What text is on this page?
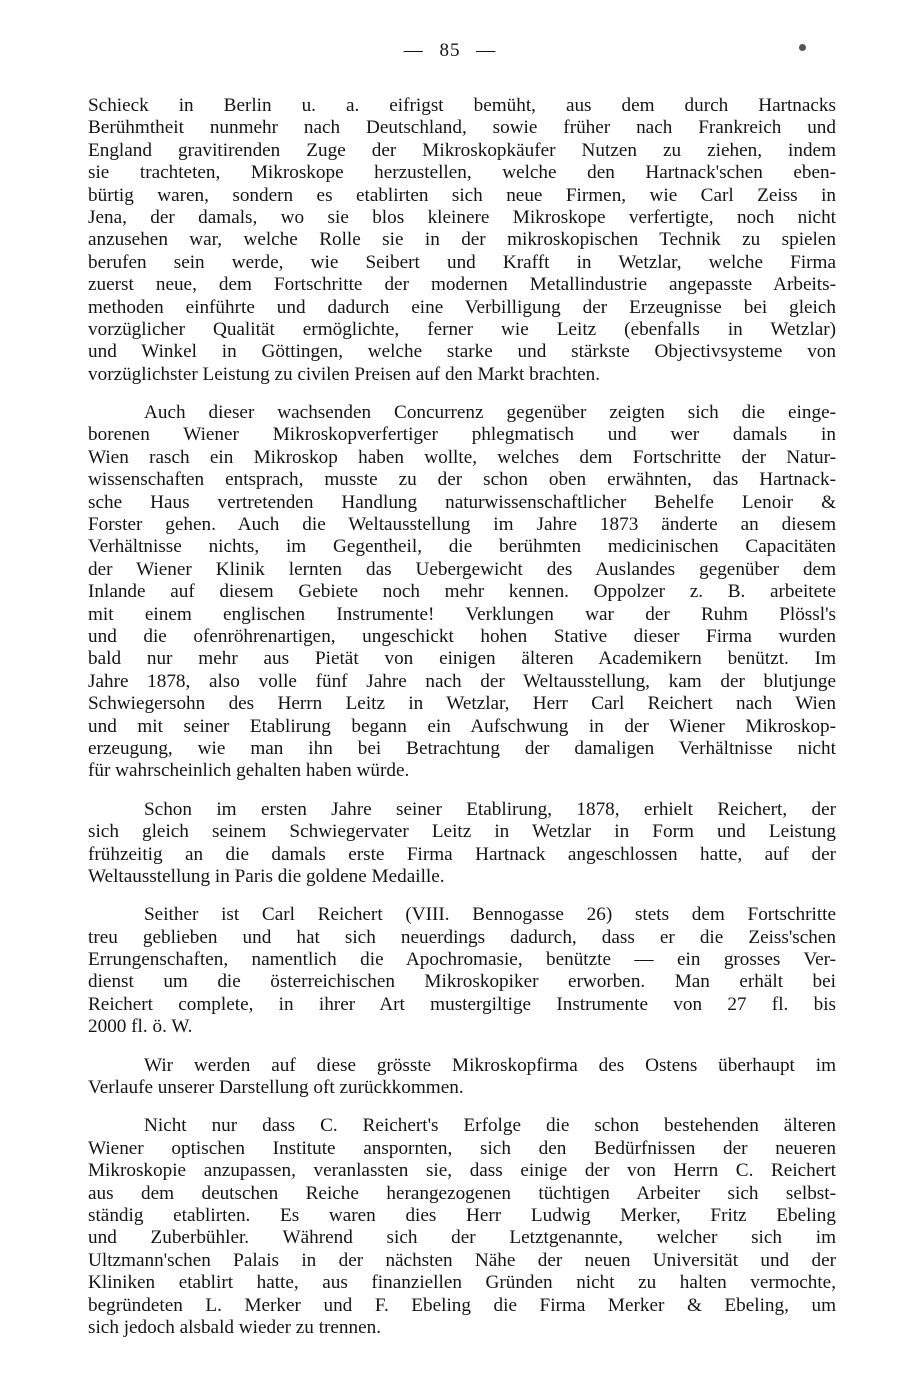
— 85 —
Schieck in Berlin u. a. eifrigst bemüht, aus dem durch Hartnacks
Berühmtheit nunmehr nach Deutschland, sowie früher nach Frankreich und
England gravitirenden Zuge der Mikroskopkäufer Nutzen zu ziehen, indem
sie trachteten, Mikroskope herzustellen, welche den Hartnack'schen eben-
bürtig waren, sondern es etablirten sich neue Firmen, wie Carl Zeiss in
Jena, der damals, wo sie blos kleinere Mikroskope verfertigte, noch nicht
anzusehen war, welche Rolle sie in der mikroskopischen Technik zu spielen
berufen sein werde, wie Seibert und Krafft in Wetzlar, welche Firma
zuerst neue, dem Fortschritte der modernen Metallindustrie angepasste Arbeits-
methoden einführte und dadurch eine Verbilligung der Erzeugnisse bei gleich
vorzüglicher Qualität ermöglichte, ferner wie Leitz (ebenfalls in Wetzlar)
und Winkel in Göttingen, welche starke und stärkste Objectivsysteme von
vorzüglichster Leistung zu civilen Preisen auf den Markt brachten.
Auch dieser wachsenden Concurrenz gegenüber zeigten sich die einge-
borenen Wiener Mikroskopverfertiger phlegmatisch und wer damals in
Wien rasch ein Mikroskop haben wollte, welches dem Fortschritte der Natur-
wissenschaften entsprach, musste zu der schon oben erwähnten, das Hartnack-
sche Haus vertretenden Handlung naturwissenschaftlicher Behelfe Lenoir &
Forster gehen. Auch die Weltausstellung im Jahre 1873 änderte an diesem
Verhältnisse nichts, im Gegentheil, die berühmten medicinischen Capacitäten
der Wiener Klinik lernten das Uebergewicht des Auslandes gegenüber dem
Inlande auf diesem Gebiete noch mehr kennen. Oppolzer z. B. arbeitete
mit einem englischen Instrumente! Verklungen war der Ruhm Plössl's
und die ofenröhrenartigen, ungeschickt hohen Stative dieser Firma wurden
bald nur mehr aus Pietät von einigen älteren Academikern benützt. Im
Jahre 1878, also volle fünf Jahre nach der Weltausstellung, kam der blutjunge
Schwiegersohn des Herrn Leitz in Wetzlar, Herr Carl Reichert nach Wien
und mit seiner Etablirung begann ein Aufschwung in der Wiener Mikroskop-
erzeugung, wie man ihn bei Betrachtung der damaligen Verhältnisse nicht
für wahrscheinlich gehalten haben würde.
Schon im ersten Jahre seiner Etablirung, 1878, erhielt Reichert, der
sich gleich seinem Schwiegervater Leitz in Wetzlar in Form und Leistung
frühzeitig an die damals erste Firma Hartnack angeschlossen hatte, auf der
Weltausstellung in Paris die goldene Medaille.
Seither ist Carl Reichert (VIII. Bennogasse 26) stets dem Fortschritte
treu geblieben und hat sich neuerdings dadurch, dass er die Zeiss'schen
Errungenschaften, namentlich die Apochromasie, benützte — ein grosses Ver-
dienst um die österreichischen Mikroskopiker erworben. Man erhält bei
Reichert complete, in ihrer Art mustergiltige Instrumente von 27 fl. bis
2000 fl. ö. W.
Wir werden auf diese grösste Mikroskopfirma des Ostens überhaupt im
Verlaufe unserer Darstellung oft zurückkommen.
Nicht nur dass C. Reichert's Erfolge die schon bestehenden älteren
Wiener optischen Institute anspornten, sich den Bedürfnissen der neueren
Mikroskopie anzupassen, veranlassten sie, dass einige der von Herrn C. Reichert
aus dem deutschen Reiche herangezogenen tüchtigen Arbeiter sich selbst-
ständig etablirten. Es waren dies Herr Ludwig Merker, Fritz Ebeling
und Zuberbühler. Während sich der Letztgenannte, welcher sich im
Ultzmann'schen Palais in der nächsten Nähe der neuen Universität und der
Kliniken etablirt hatte, aus finanziellen Gründen nicht zu halten vermochte,
begründeten L. Merker und F. Ebeling die Firma Merker & Ebeling, um
sich jedoch alsbald wieder zu trennen.
